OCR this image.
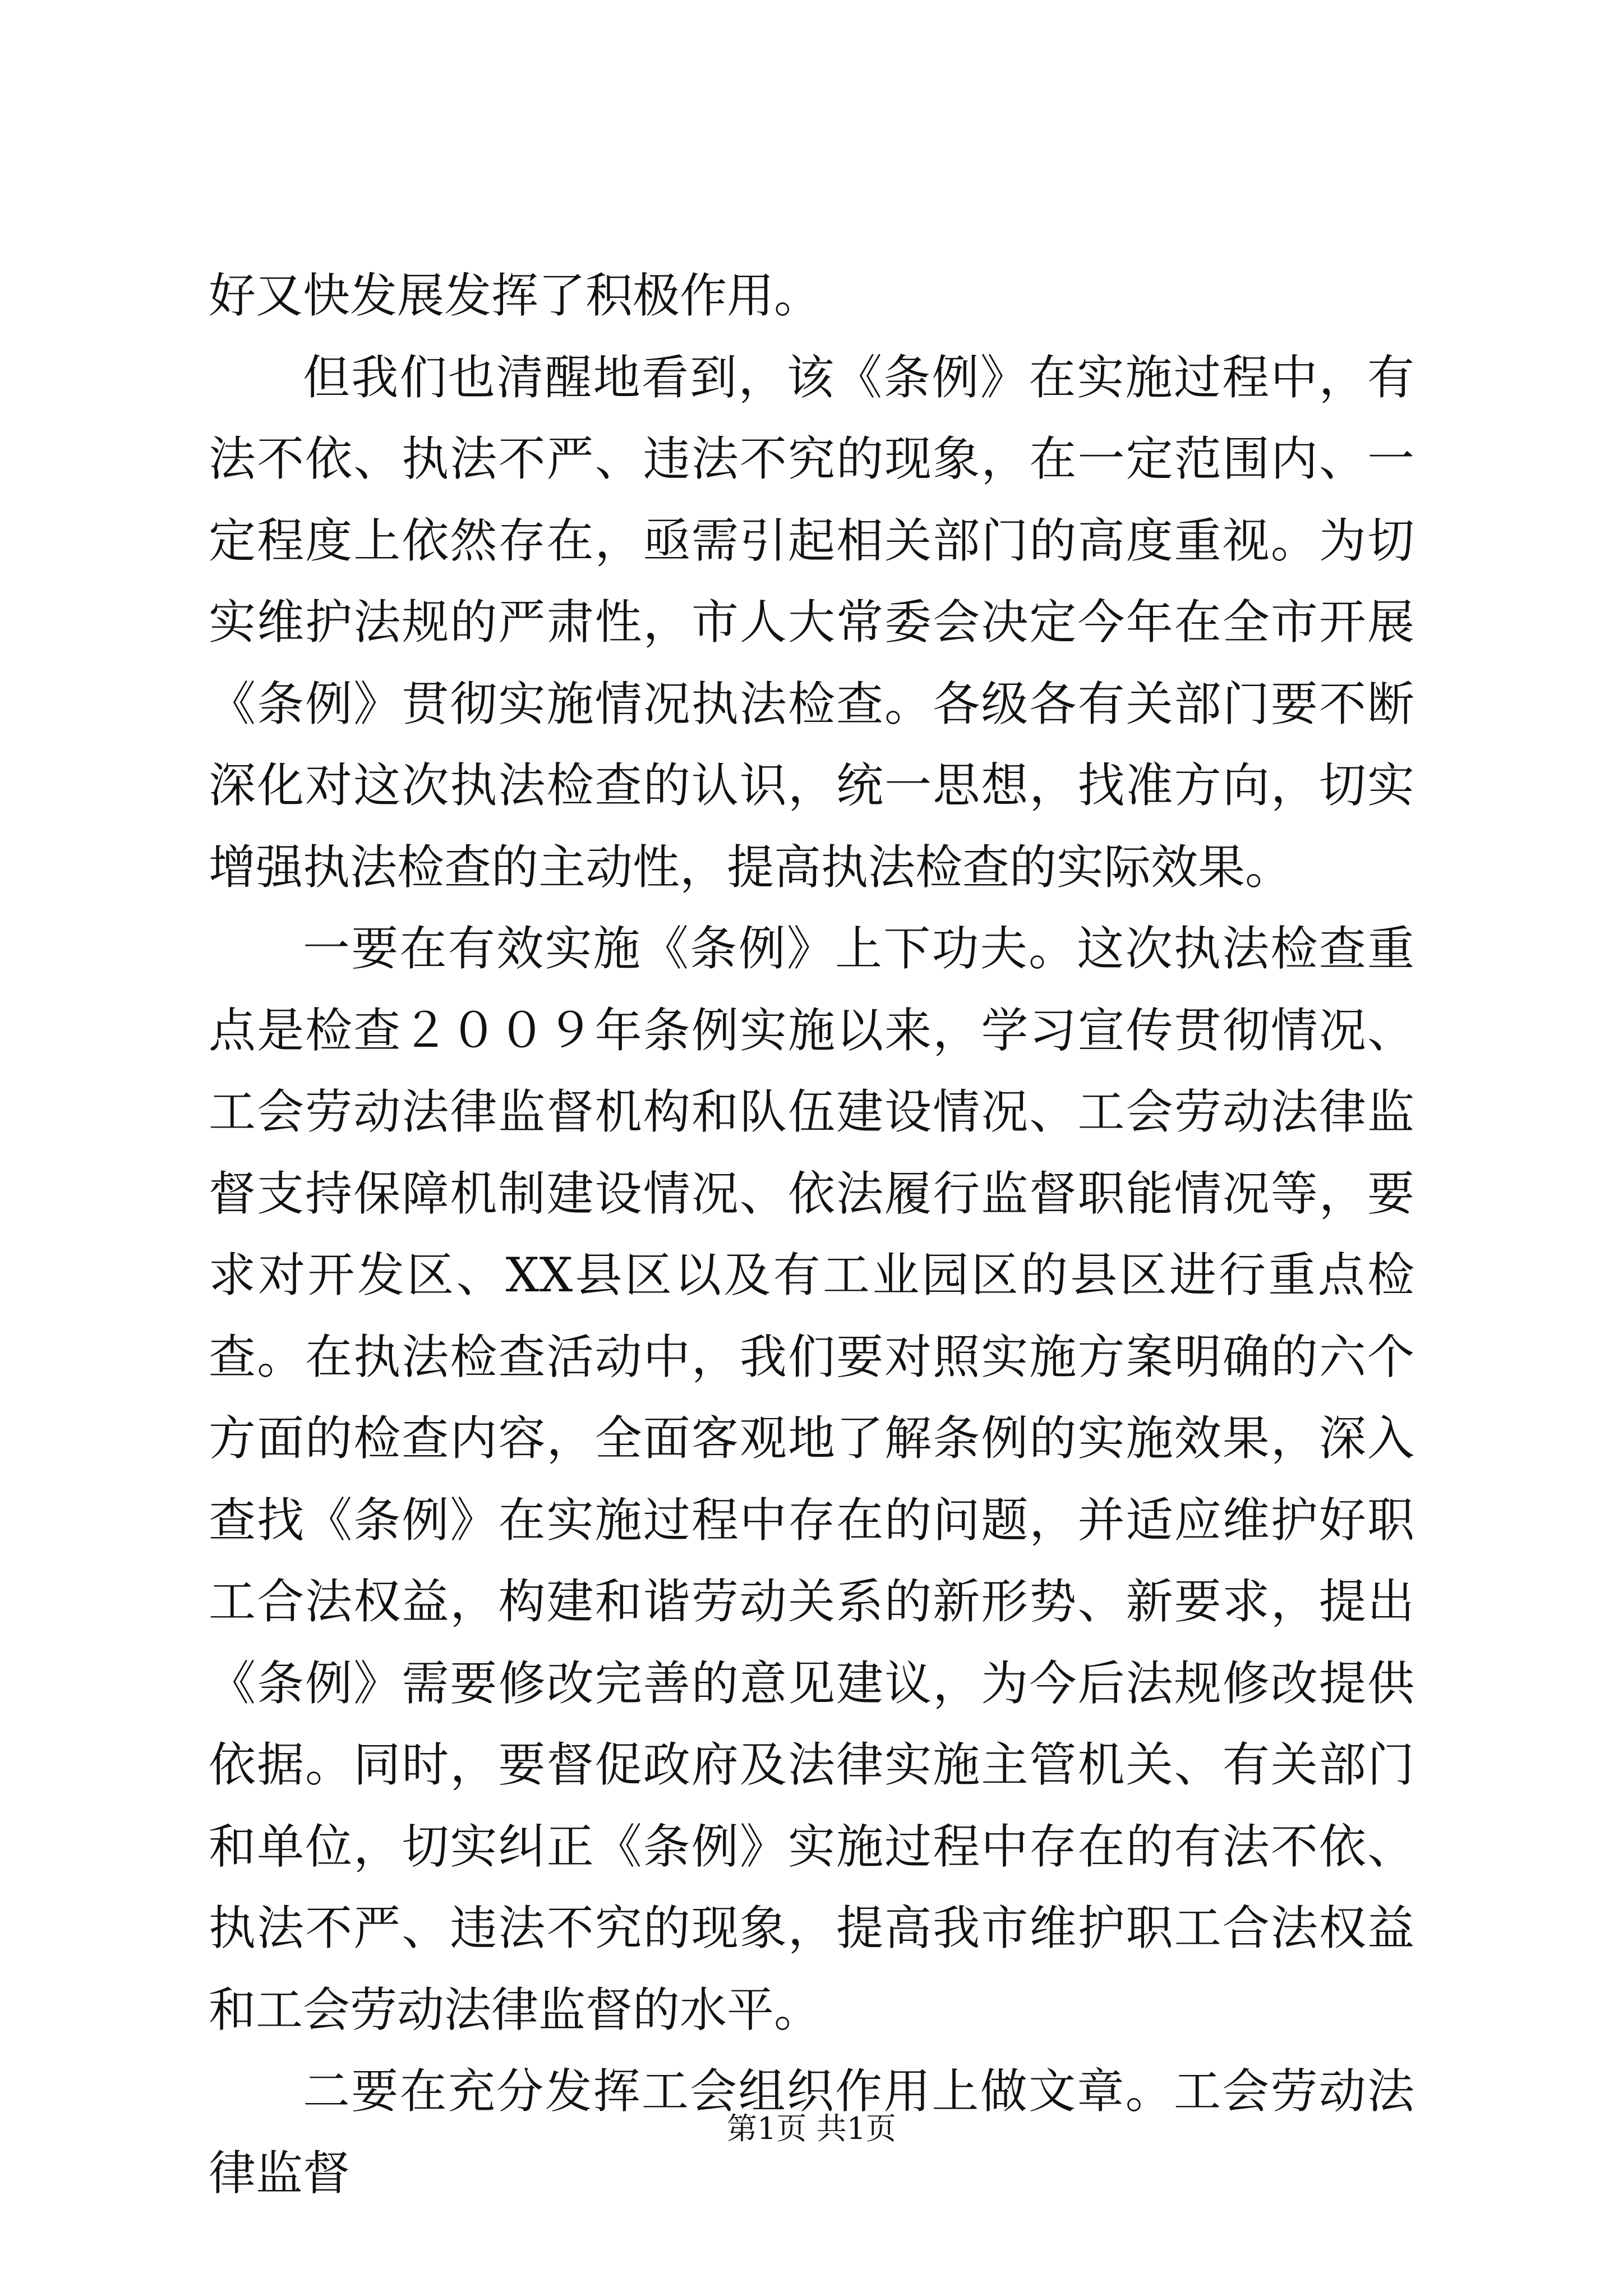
好又快发展发挥了积极作用。

但我们也清醒地看到，该《条例》在实施过程中，有法不依、执法不严、违法不究的现象，在一定范围内、一定程度上依然存在，亟需引起相关部门的高度重视。为切实维护法规的严肃性，市人大常委会决定今年在全市开展《条例》贯彻实施情况执法检查。各级各有关部门要不断深化对这次执法检查的认识，统一思想，找准方向，切实增强执法检查的主动性，提高执法检查的实际效果。

一要在有效实施《条例》上下功夫。这次执法检查重点是检查２００９年条例实施以来，学习宣传贯彻情况、工会劳动法律监督机构和队伍建设情况、工会劳动法律监督支持保障机制建设情况、依法履行监督职能情况等，要求对开发区、XX县区以及有工业园区的县区进行重点检查。在执法检查活动中，我们要对照实施方案明确的六个方面的检查内容，全面客观地了解条例的实施效果，深入查找《条例》在实施过程中存在的问题，并适应维护好职工合法权益，构建和谐劳动关系的新形势、新要求，提出《条例》需要修改完善的意见建议，为今后法规修改提供依据。同时，要督促政府及法律实施主管机关、有关部门和单位，切实纠正《条例》实施过程中存在的有法不依、执法不严、违法不究的现象，提高我市维护职工合法权益和工会劳动法律监督的水平。

二要在充分发挥工会组织作用上做文章。工会劳动法律监督

第1页 共1页
